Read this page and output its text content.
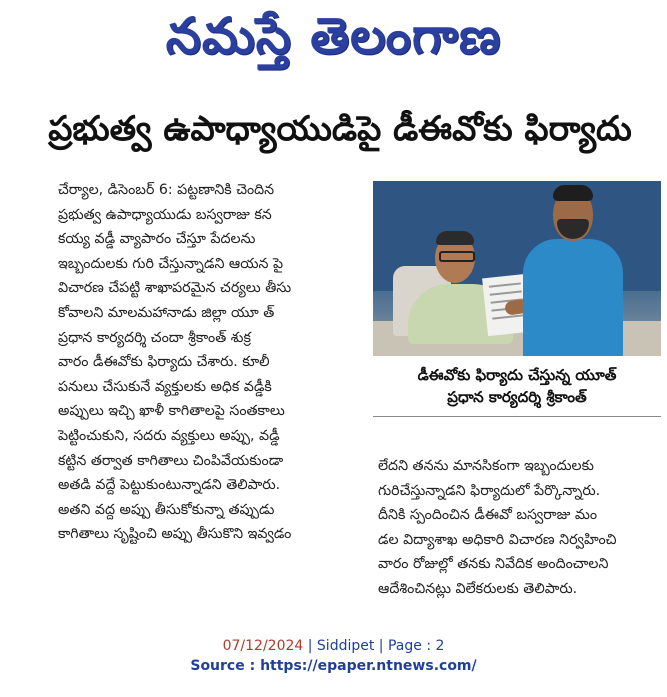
నమస్తే తెలంగాణ
ప్రభుత్వ ఉపాధ్యాయుడిపై డీఈవోకు ఫిర్యాదు
చేర్యాల, డిసెంబర్ 6: పట్టణానికి చెందిన
ప్రభుత్వ ఉపాధ్యాయుడు బస్వరాజు కన
కయ్య వడ్డీ వ్యాపారం చేస్తూ పేదలను
ఇబ్బందులకు గురి చేస్తున్నాడని ఆయన పై
విచారణ చేపట్టి శాఖాపరమైన చర్యలు తీసు
కోవాలని మాలమహానాడు జిల్లా యూ త్
ప్రధాన కార్యదర్శి చందా శ్రీకాంత్ శుక్ర
వారం డీఈవోకు ఫిర్యాదు చేశారు. కూలీ
పనులు చేసుకునే వ్యక్తులకు అధిక వడ్డీకి
అప్పులు ఇచ్చి ఖాళీ కాగితాలపై సంతకాలు
పెట్టించుకుని, సదరు వ్యక్తులు అప్పు, వడ్డీ
కట్టిన తర్వాత కాగితాలు చింపివేయకుండా
అతడి వద్దే పెట్టుకుంటున్నాడని తెలిపారు.
అతని వద్ద అప్పు తీసుకోకున్నా తప్పుడు
కాగితాలు సృష్టించి అప్పు తీసుకొని ఇవ్వడం
డీఈవోకు ఫిర్యాదు చేస్తున్న యూత్
ప్రధాన కార్యదర్శి శ్రీకాంత్
లేదని తనను మానసికంగా ఇబ్బందులకు
గురిచేస్తున్నాడని ఫిర్యాదులో పేర్కొన్నారు.
దీనికి స్పందించిన డీఈవో బస్వరాజు మం
డల విద్యాశాఖ అధికారి విచారణ నిర్వహించి
వారం రోజుల్లో తనకు నివేదిక అందించాలని
ఆదేశించినట్లు విలేకరులకు తెలిపారు.
07/12/2024 | Siddipet | Page : 2
Source : https://epaper.ntnews.com/
